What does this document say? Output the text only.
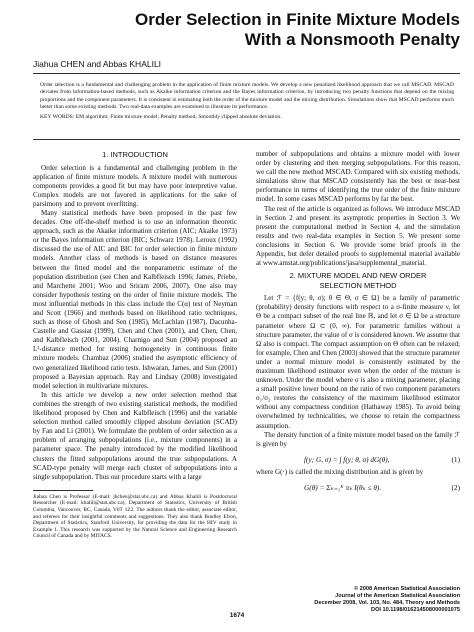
Order Selection in Finite Mixture Models
With a Nonsmooth Penalty
Jiahua CHEN and Abbas KHALILI
Order selection is a fundamental and challenging problem in the application of finite mixture models. We develop a new penalized likelihood approach that we call MSCAD. MSCAD deviates from information-based methods, such as Akaike information criterion and the Bayes information criterion, by introducing two penalty functions that depend on the mixing proportions and the component parameters. It is consistent in estimating both the order of the mixture model and the mixing distribution. Simulations show that MSCAD performs much better than some existing methods. Two real-data examples are examined to illustrate its performance.
KEY WORDS: EM algorithm; Finite mixture model; Penalty method; Smoothly clipped absolute deviation.
1. INTRODUCTION

Order selection is a fundamental and challenging problem in the application of finite mixture models. A mixture model with numerous components provides a good fit but may have poor interpretive value. Complex models are not favored in applications for the sake of parsimony and to prevent overfitting.

Many statistical methods have been proposed in the past few decades. One off-the-shelf method is to use an information theoretic approach, such as the Akaike information criterion (AIC; Akaike 1973) or the Bayes information criterion (BIC; Schwarz 1978). Leroux (1992) discussed the use of AIC and BIC for order selection in finite mixture models. Another class of methods is based on distance measures between the fitted model and the nonparametric estimate of the population distribution (see Chen and Kalbfleisch 1996; James, Priebe, and Marchette 2001; Woo and Sriram 2006, 2007). One also may consider hypothesis testing on the order of finite mixture models. The most influential methods in this class include the C(α) test of Neyman and Scott (1966) and methods based on likelihood ratio techniques, such as those of Ghosh and Sen (1985), McLachlan (1987), Dacunha-Castelle and Gassiat (1999), Chen and Chen (2001), and Chen, Chen, and Kalbfleisch (2001, 2004). Charnigo and Sun (2004) proposed an L²-distance method for testing homogeneity in continuous finite mixture models. Chambaz (2006) studied the asymptotic efficiency of two generalized likelihood ratio tests. Ishwaran, James, and Sun (2001) proposed a Bayesian approach. Ray and Lindsay (2008) investigated model selection in multivariate mixtures.

In this article we develop a new order selection method that combines the strength of two existing statistical methods, the modified likelihood proposed by Chen and Kalbfleisch (1996) and the variable selection method called smoothly clipped absolute deviation (SCAD) by Fan and Li (2001). We formulate the problem of order selection as a problem of arranging subpopulations (i.e., mixture components) in a parameter space. The penalty introduced by the modified likelihood clusters the fitted subpopulations around the true subpopulations. A SCAD-type penalty will merge each cluster of subpopulations into a single subpopulation. Thus our procedure starts with a large

Jiahua Chen is Professor (E-mail: jhchen@stat.ubc.ca) and Abbas Khalili is Postdoctoral Researcher (E-mail: khalili@stat.ubc.ca), Department of Statistics, University of British Columbia, Vancouver, BC, Canada, V6T 1Z2. The authors thank the editor, associate editor, and referees for their insightful comments and suggestions. They also thank Bradley Efron, Department of Statistics, Stanford University, for providing the data for the HIV study in Example 1. This research was supported by the Natural Science and Engineering Research Council of Canada and by MITACS.

number of subpopulations and obtains a mixture model with lower order by clustering and then merging subpopulations. For this reason, we call the new method MSCAD. Compared with six existing methods, simulations show that MSCAD consistently has the best or near-best performance in terms of identifying the true order of the finite mixture model. In some cases MSCAD performs by far the best.

The rest of the article is organized as follows. We introduce MSCAD in Section 2 and present its asymptotic properties in Section 3. We present the computational method in Section 4, and the simulation results and two real-data examples in Section 5. We present some conclusions in Section 6. We provide some brief proofs in the Appendix, but defer detailed proofs to supplemental material available at www.amstat.org/publications/jasa/supplemental_material.

2. MIXTURE MODEL AND NEW ORDER
SELECTION METHOD

Let ℱ = {f(y; θ, σ); θ ∈ Θ, σ ∈ Ω} be a family of parametric (probability) density functions with respect to a σ-finite measure ν, let Θ be a compact subset of the real line ℝ, and let σ ∈ Ω be a structure parameter where Ω ⊂ (0, ∞). For parametric families without a structure parameter, the value of σ is considered known. We assume that Ω also is compact. The compact assumption on Θ often can be relaxed; for example, Chen and Chen (2003) showed that the structure parameter under a normal mixture model is consistently estimated by the maximum likelihood estimator even when the order of the mixture is unknown. Under the model where σ is also a mixing parameter, placing a small positive lower bound on the ratio of two component parameters σ₁/σ₂ restores the consistency of the maximum likelihood estimator without any compactness condition (Hathaway 1985). To avoid being overwhelmed by technicalities, we choose to retain the compactness assumption.

The density function of a finite mixture model based on the family ℱ is given by

f(y; G, σ) = ∫ f(y; θ, σ) dG(θ),	(1)

where G(·) is called the mixing distribution and is given by

G(θ) = Σₖ₌₁ᴷ πₖ I(θₖ ≤ θ).	(2)
© 2008 American Statistical Association
Journal of the American Statistical Association
December 2008, Vol. 103, No. 484, Theory and Methods
DOI 10.1198/016214508000001075
1674
